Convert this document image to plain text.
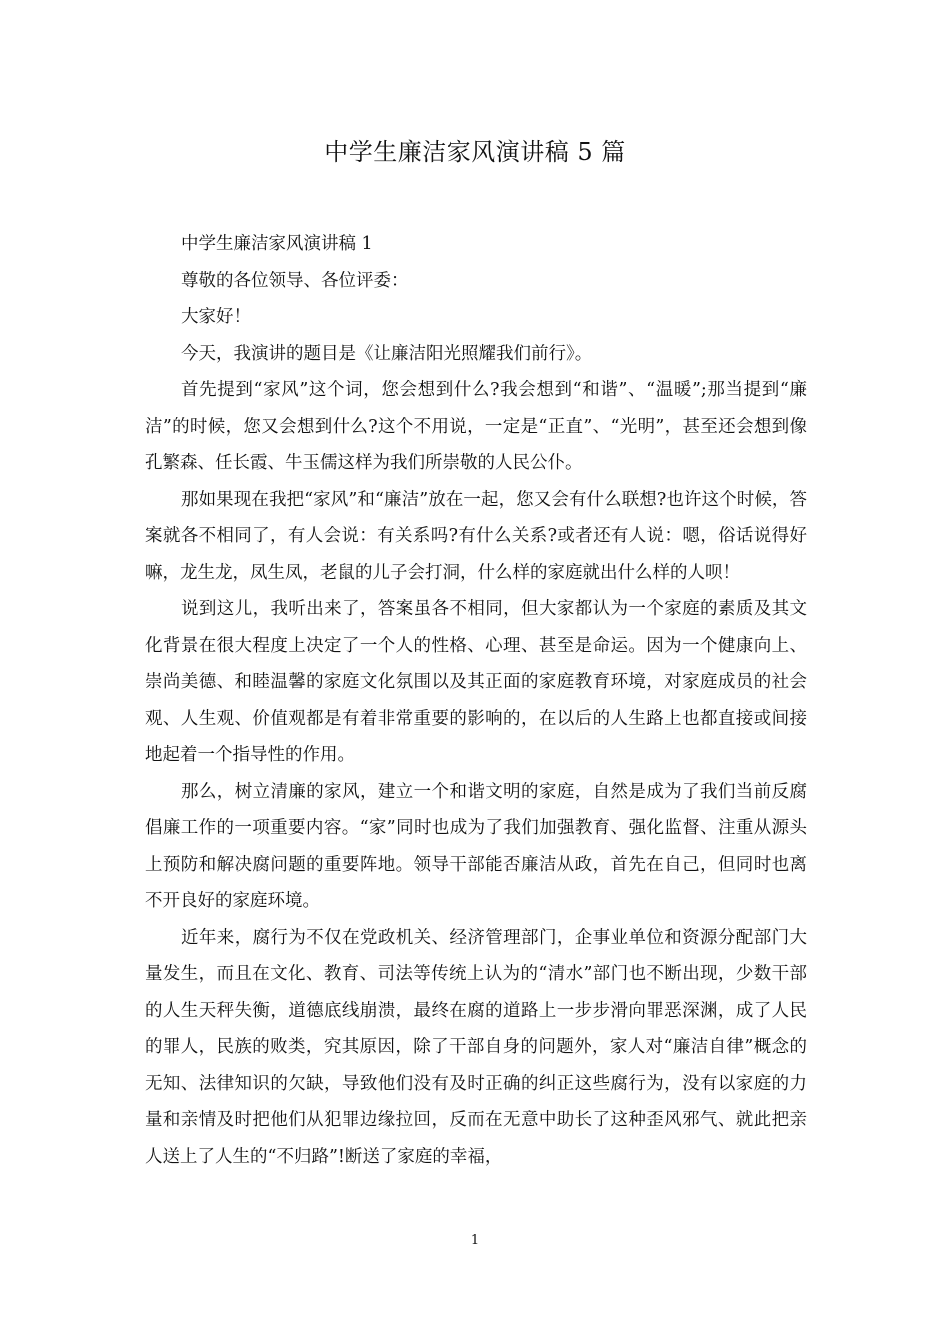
中学生廉洁家风演讲稿 5 篇

中学生廉洁家风演讲稿 1

尊敬的各位领导、各位评委：

大家好！

今天，我演讲的题目是《让廉洁阳光照耀我们前行》。

首先提到“家风”这个词，您会想到什么?我会想到“和谐”、“温暖”;那当提到“廉洁”的时候，您又会想到什么?这个不用说，一定是“正直”、“光明”，甚至还会想到像孔繁森、任长霞、牛玉儒这样为我们所崇敬的人民公仆。

那如果现在我把“家风”和“廉洁”放在一起，您又会有什么联想?也许这个时候，答案就各不相同了，有人会说：有关系吗?有什么关系?或者还有人说：嗯，俗话说得好嘛，龙生龙，凤生凤，老鼠的儿子会打洞，什么样的家庭就出什么样的人呗！

说到这儿，我听出来了，答案虽各不相同，但大家都认为一个家庭的素质及其文化背景在很大程度上决定了一个人的性格、心理、甚至是命运。因为一个健康向上、崇尚美德、和睦温馨的家庭文化氛围以及其正面的家庭教育环境，对家庭成员的社会观、人生观、价值观都是有着非常重要的影响的，在以后的人生路上也都直接或间接地起着一个指导性的作用。

那么，树立清廉的家风，建立一个和谐文明的家庭，自然是成为了我们当前反腐倡廉工作的一项重要内容。“家”同时也成为了我们加强教育、强化监督、注重从源头上预防和解决腐问题的重要阵地。领导干部能否廉洁从政，首先在自己，但同时也离不开良好的家庭环境。

近年来，腐行为不仅在党政机关、经济管理部门，企事业单位和资源分配部门大量发生，而且在文化、教育、司法等传统上认为的“清水”部门也不断出现，少数干部的人生天秤失衡，道德底线崩溃，最终在腐的道路上一步步滑向罪恶深渊，成了人民的罪人，民族的败类，究其原因，除了干部自身的问题外，家人对“廉洁自律”概念的无知、法律知识的欠缺，导致他们没有及时正确的纠正这些腐行为，没有以家庭的力量和亲情及时把他们从犯罪边缘拉回，反而在无意中助长了这种歪风邪气、就此把亲人送上了人生的“不归路”!断送了家庭的幸福，

1
